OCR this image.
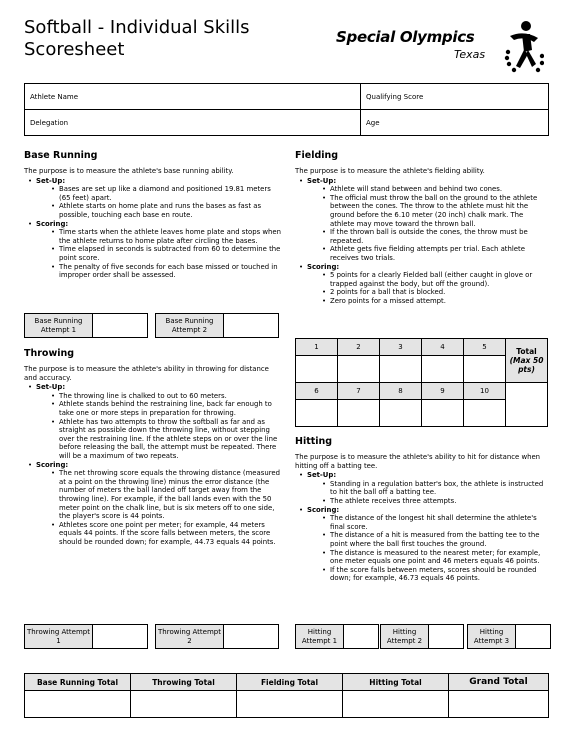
Softball - Individual Skills
Scoresheet
Special Olympics
Texas
Athlete Name	Qualifying Score
Delegation	Age
Base Running

The purpose is to measure the athlete's base running ability.

• Set-Up:
• Bases are set up like a diamond and positioned 19.81 meters (65 feet) apart.
• Athlete starts on home plate and runs the bases as fast as possible, touching each base en route.
• Scoring:
• Time starts when the athlete leaves home plate and stops when the athlete returns to home plate after circling the bases.
• Time elapsed in seconds is subtracted from 60 to determine the point score.
• The penalty of five seconds for each base missed or touched in improper order shall be assessed.
Base Running Attempt 1
Base Running Attempt 2
Throwing

The purpose is to measure the athlete's ability in throwing for distance and accuracy.

• Set-Up:
• The throwing line is chalked to out to 60 meters.
• Athlete stands behind the restraining line, back far enough to take one or more steps in preparation for throwing.
• Athlete has two attempts to throw the softball as far and as straight as possible down the throwing line, without stepping over the restraining line. If the athlete steps on or over the line before releasing the ball, the attempt must be repeated. There will be a maximum of two repeats.
• Scoring:
• The net throwing score equals the throwing distance (measured at a point on the throwing line) minus the error distance (the number of meters the ball landed off target away from the throwing line). For example, if the ball lands even with the 50 meter point on the chalk line, but is six meters off to one side, the player's score is 44 points.
• Athletes score one point per meter; for example, 44 meters equals 44 points. If the score falls between meters, the score should be rounded down; for example, 44.73 equals 44 points.
Throwing Attempt 1
Throwing Attempt 2
Fielding

The purpose is to measure the athlete's fielding ability.

• Set-Up:
• Athlete will stand between and behind two cones.
• The official must throw the ball on the ground to the athlete between the cones. The throw to the athlete must hit the ground before the 6.10 meter (20 inch) chalk mark. The athlete may move toward the thrown ball.
• If the thrown ball is outside the cones, the throw must be repeated.
• Athlete gets five fielding attempts per trial. Each athlete receives two trials.
• Scoring:
• 5 points for a clearly Fielded ball (either caught in glove or trapped against the body, but off the ground).
• 2 points for a ball that is blocked.
• Zero points for a missed attempt.
1	2	3	4	5	Total
(Max 50 pts)

6	7	8	9	10	

Hitting

The purpose is to measure the athlete's ability to hit for distance when hitting off a batting tee.

• Set-Up:
• Standing in a regulation batter's box, the athlete is instructed to hit the ball off a batting tee.
• The athlete receives three attempts.
• Scoring:
• The distance of the longest hit shall determine the athlete's final score.
• The distance of a hit is measured from the batting tee to the point where the ball first touches the ground.
• The distance is measured to the nearest meter; for example, one meter equals one point and 46 meters equals 46 points.
• If the score falls between meters, scores should be rounded down; for example, 46.73 equals 46 points.
Hitting Attempt 1
Hitting Attempt 2
Hitting Attempt 3
Base Running Total	Throwing Total	Fielding Total	Hitting Total	Grand Total
